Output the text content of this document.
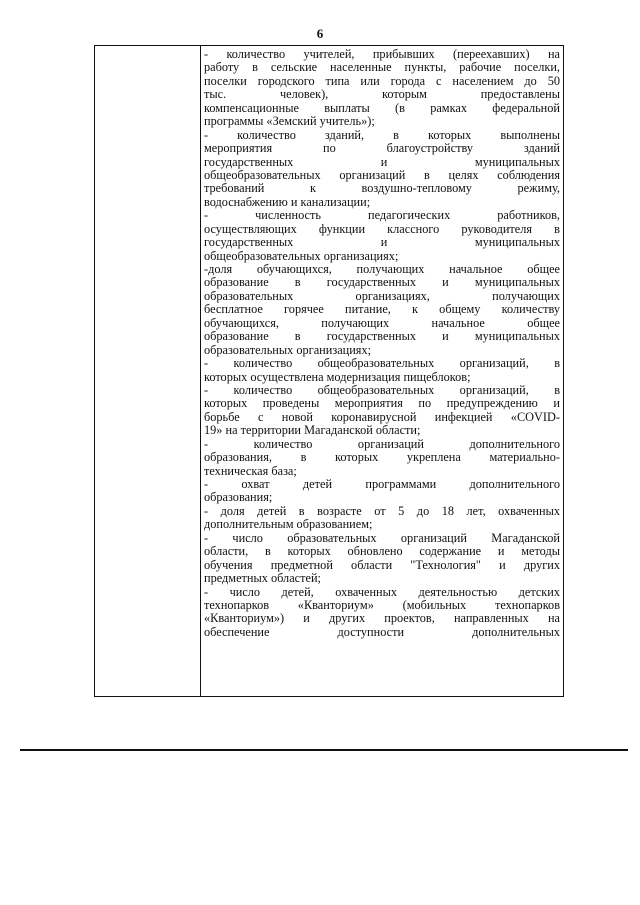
6
- количество учителей, прибывших (переехавших) на
работу в сельские населенные пункты, рабочие поселки,
поселки городского типа или города с населением до 50
тыс. человек), которым предоставлены
компенсационные выплаты (в рамках федеральной
программы «Земский учитель»);
- количество зданий, в которых выполнены
мероприятия по благоустройству зданий
государственных и муниципальных
общеобразовательных организаций в целях соблюдения
требований к воздушно-тепловому режиму,
водоснабжению и канализации;
- численность педагогических работников,
осуществляющих функции классного руководителя в
государственных и муниципальных
общеобразовательных организациях;
-доля обучающихся, получающих начальное общее
образование в государственных и муниципальных
образовательных организациях, получающих
бесплатное горячее питание, к общему количеству
обучающихся, получающих начальное общее
образование в государственных и муниципальных
образовательных организациях;
- количество общеобразовательных организаций, в
которых осуществлена модернизация пищеблоков;
- количество общеобразовательных организаций, в
которых проведены мероприятия по предупреждению и
борьбе с новой коронавирусной инфекцией «COVID-
19» на территории Магаданской области;
- количество организаций дополнительного
образования, в которых укреплена материально-
техническая база;
- охват детей программами дополнительного
образования;
- доля детей в возрасте от 5 до 18 лет, охваченных
дополнительным образованием;
- число образовательных организаций Магаданской
области, в которых обновлено содержание и методы
обучения предметной области "Технология" и других
предметных областей;
- число детей, охваченных деятельностью детских
технопарков «Кванториум» (мобильных технопарков
«Кванториум») и других проектов, направленных на
обеспечение доступности дополнительных
